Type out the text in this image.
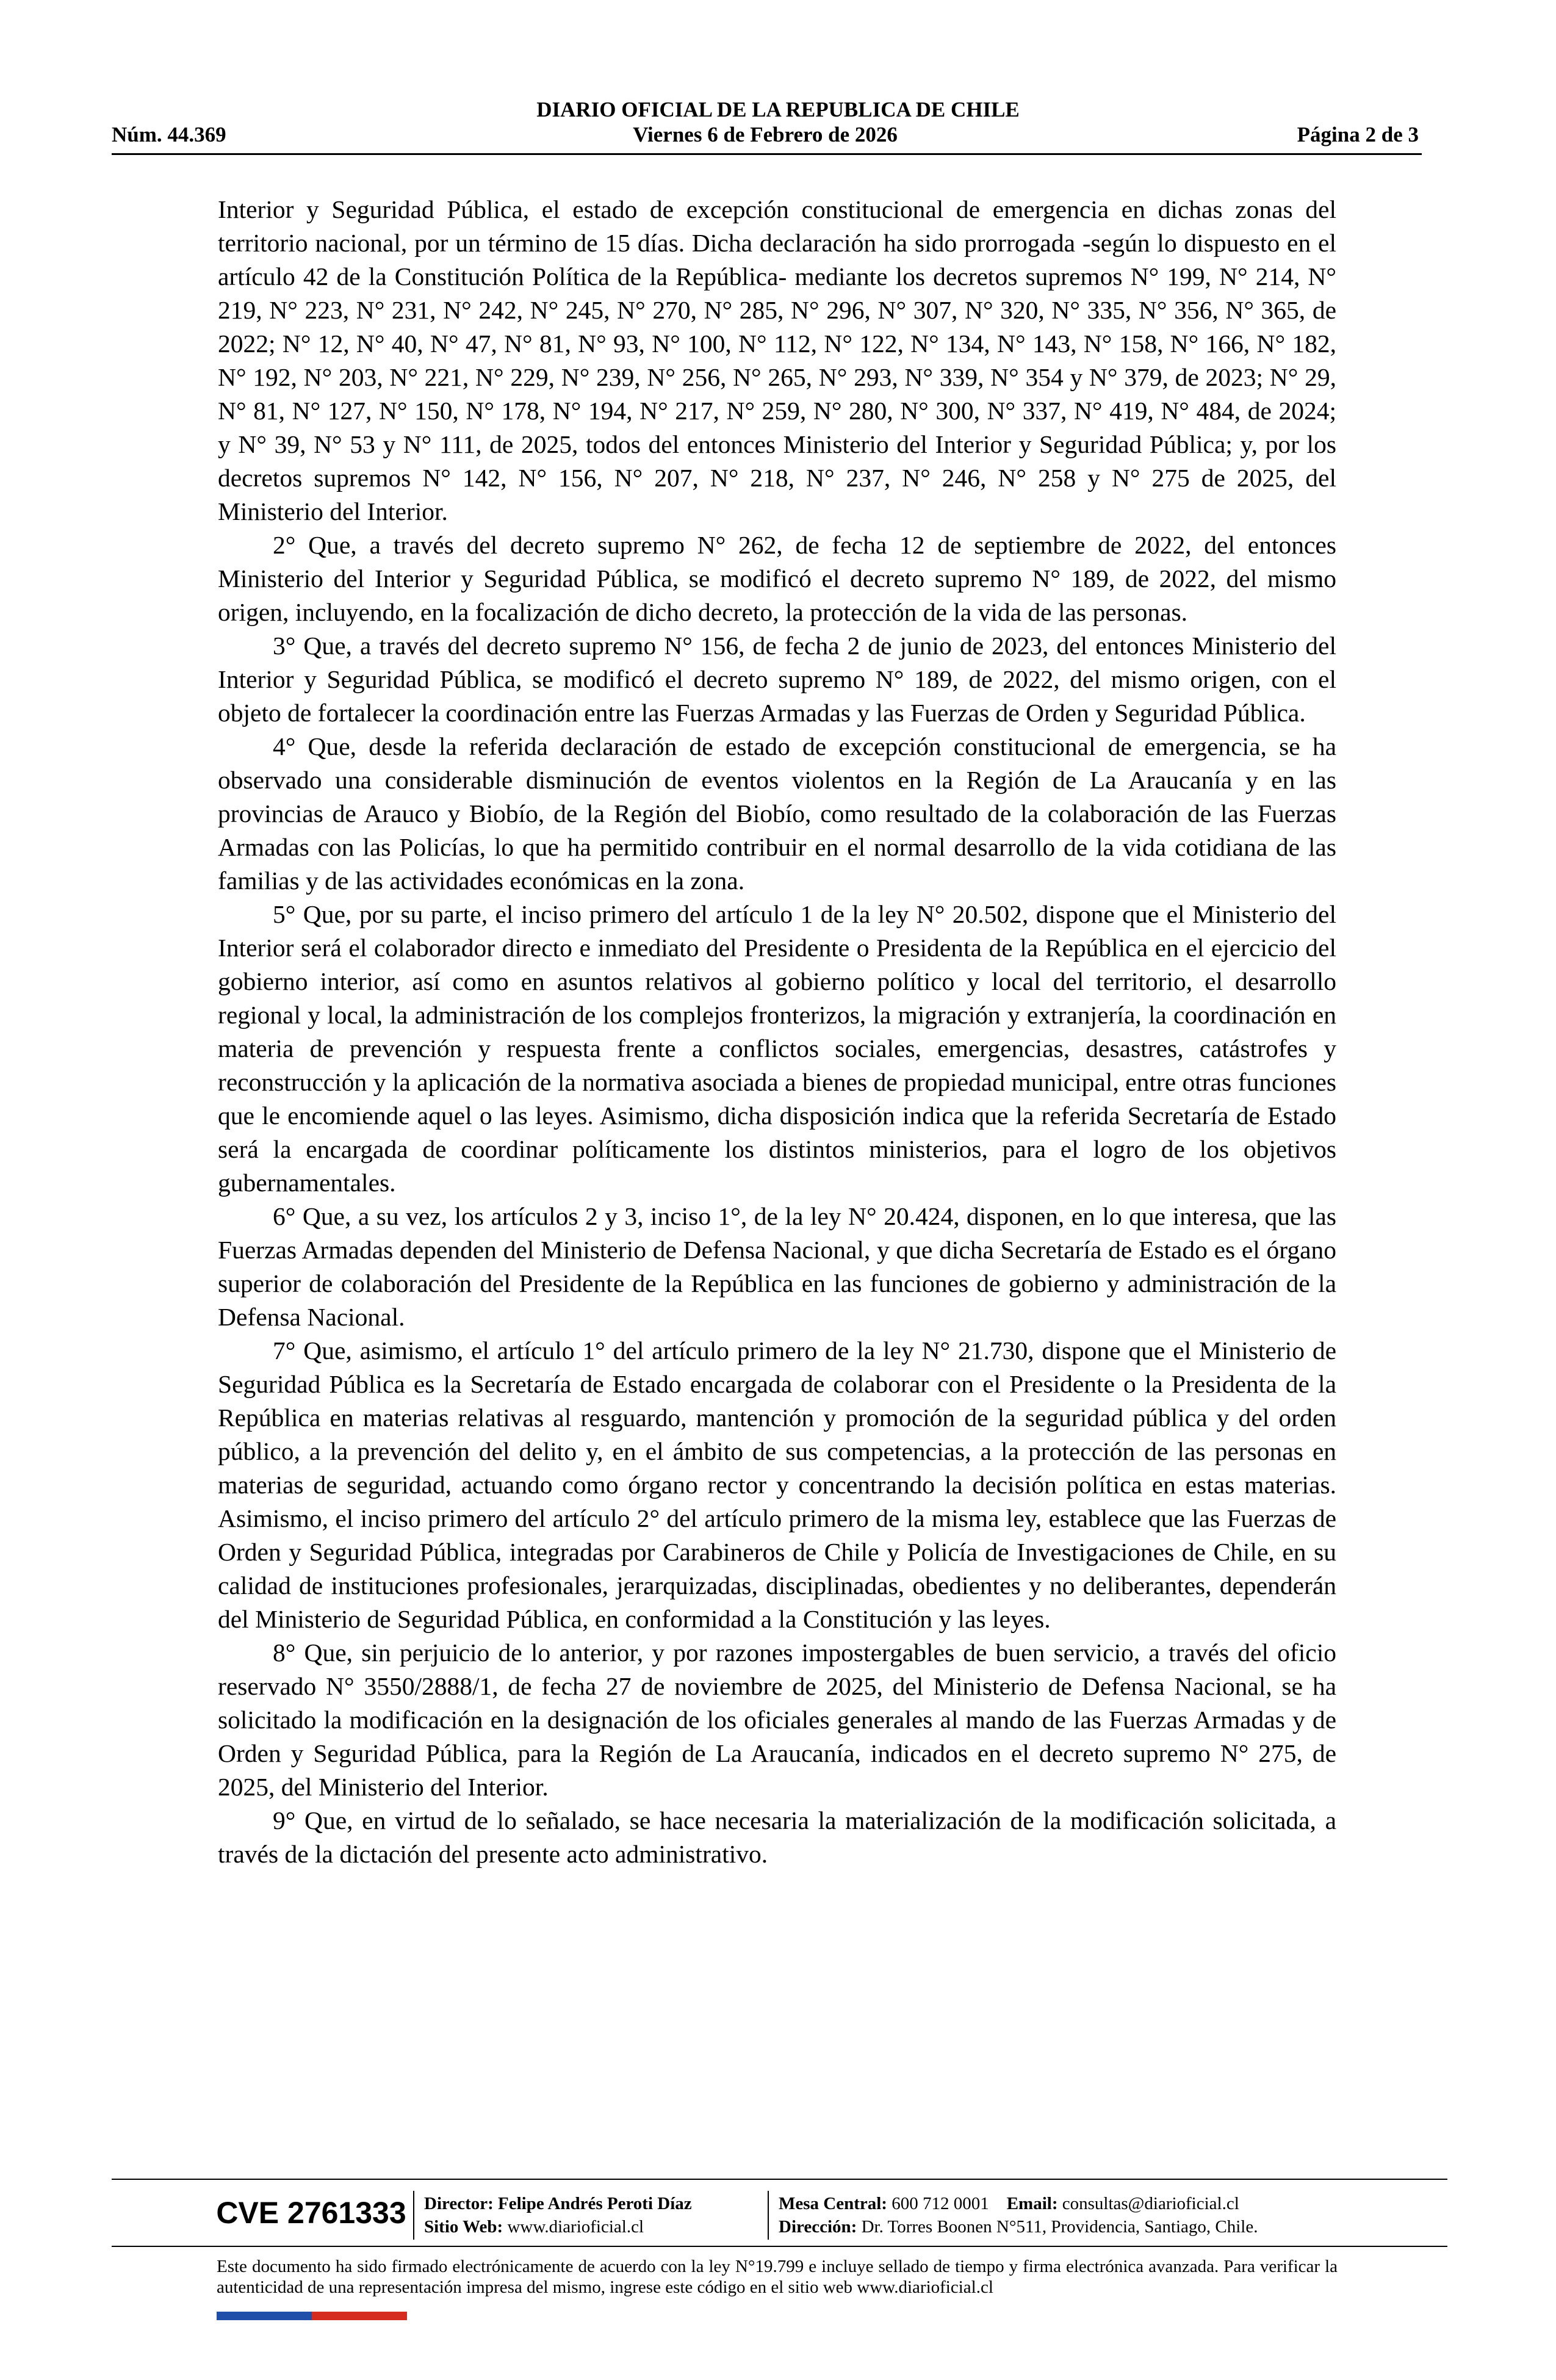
DIARIO OFICIAL DE LA REPUBLICA DE CHILE
Núm. 44.369	Viernes 6 de Febrero de 2026	Página 2 de 3

Interior y Seguridad Pública, el estado de excepción constitucional de emergencia en dichas zonas del territorio nacional, por un término de 15 días. Dicha declaración ha sido prorrogada -según lo dispuesto en el artículo 42 de la Constitución Política de la República- mediante los decretos supremos N° 199, N° 214, N° 219, N° 223, N° 231, N° 242, N° 245, N° 270, N° 285, N° 296, N° 307, N° 320, N° 335, N° 356, N° 365, de 2022; N° 12, N° 40, N° 47, N° 81, N° 93, N° 100, N° 112, N° 122, N° 134, N° 143, N° 158, N° 166, N° 182, N° 192, N° 203, N° 221, N° 229, N° 239, N° 256, N° 265, N° 293, N° 339, N° 354 y N° 379, de 2023; N° 29, N° 81, N° 127, N° 150, N° 178, N° 194, N° 217, N° 259, N° 280, N° 300, N° 337, N° 419, N° 484, de 2024; y N° 39, N° 53 y N° 111, de 2025, todos del entonces Ministerio del Interior y Seguridad Pública; y, por los decretos supremos N° 142, N° 156, N° 207, N° 218, N° 237, N° 246, N° 258 y N° 275 de 2025, del Ministerio del Interior.

2° Que, a través del decreto supremo N° 262, de fecha 12 de septiembre de 2022, del entonces Ministerio del Interior y Seguridad Pública, se modificó el decreto supremo N° 189, de 2022, del mismo origen, incluyendo, en la focalización de dicho decreto, la protección de la vida de las personas.

3° Que, a través del decreto supremo N° 156, de fecha 2 de junio de 2023, del entonces Ministerio del Interior y Seguridad Pública, se modificó el decreto supremo N° 189, de 2022, del mismo origen, con el objeto de fortalecer la coordinación entre las Fuerzas Armadas y las Fuerzas de Orden y Seguridad Pública.

4° Que, desde la referida declaración de estado de excepción constitucional de emergencia, se ha observado una considerable disminución de eventos violentos en la Región de La Araucanía y en las provincias de Arauco y Biobío, de la Región del Biobío, como resultado de la colaboración de las Fuerzas Armadas con las Policías, lo que ha permitido contribuir en el normal desarrollo de la vida cotidiana de las familias y de las actividades económicas en la zona.

5° Que, por su parte, el inciso primero del artículo 1 de la ley N° 20.502, dispone que el Ministerio del Interior será el colaborador directo e inmediato del Presidente o Presidenta de la República en el ejercicio del gobierno interior, así como en asuntos relativos al gobierno político y local del territorio, el desarrollo regional y local, la administración de los complejos fronterizos, la migración y extranjería, la coordinación en materia de prevención y respuesta frente a conflictos sociales, emergencias, desastres, catástrofes y reconstrucción y la aplicación de la normativa asociada a bienes de propiedad municipal, entre otras funciones que le encomiende aquel o las leyes. Asimismo, dicha disposición indica que la referida Secretaría de Estado será la encargada de coordinar políticamente los distintos ministerios, para el logro de los objetivos gubernamentales.

6° Que, a su vez, los artículos 2 y 3, inciso 1°, de la ley N° 20.424, disponen, en lo que interesa, que las Fuerzas Armadas dependen del Ministerio de Defensa Nacional, y que dicha Secretaría de Estado es el órgano superior de colaboración del Presidente de la República en las funciones de gobierno y administración de la Defensa Nacional.

7° Que, asimismo, el artículo 1° del artículo primero de la ley N° 21.730, dispone que el Ministerio de Seguridad Pública es la Secretaría de Estado encargada de colaborar con el Presidente o la Presidenta de la República en materias relativas al resguardo, mantención y promoción de la seguridad pública y del orden público, a la prevención del delito y, en el ámbito de sus competencias, a la protección de las personas en materias de seguridad, actuando como órgano rector y concentrando la decisión política en estas materias. Asimismo, el inciso primero del artículo 2° del artículo primero de la misma ley, establece que las Fuerzas de Orden y Seguridad Pública, integradas por Carabineros de Chile y Policía de Investigaciones de Chile, en su calidad de instituciones profesionales, jerarquizadas, disciplinadas, obedientes y no deliberantes, dependerán del Ministerio de Seguridad Pública, en conformidad a la Constitución y las leyes.

8° Que, sin perjuicio de lo anterior, y por razones impostergables de buen servicio, a través del oficio reservado N° 3550/2888/1, de fecha 27 de noviembre de 2025, del Ministerio de Defensa Nacional, se ha solicitado la modificación en la designación de los oficiales generales al mando de las Fuerzas Armadas y de Orden y Seguridad Pública, para la Región de La Araucanía, indicados en el decreto supremo N° 275, de 2025, del Ministerio del Interior.

9° Que, en virtud de lo señalado, se hace necesaria la materialización de la modificación solicitada, a través de la dictación del presente acto administrativo.

CVE 2761333	Director: Felipe Andrés Peroti Díaz
Sitio Web: www.diarioficial.cl
Mesa Central: 600 712 0001 Email: consultas@diarioficial.cl
Dirección: Dr. Torres Boonen N°511, Providencia, Santiago, Chile.
Este documento ha sido firmado electrónicamente de acuerdo con la ley N°19.799 e incluye sellado de tiempo y firma electrónica avanzada. Para verificar la autenticidad de una representación impresa del mismo, ingrese este código en el sitio web www.diarioficial.cl
